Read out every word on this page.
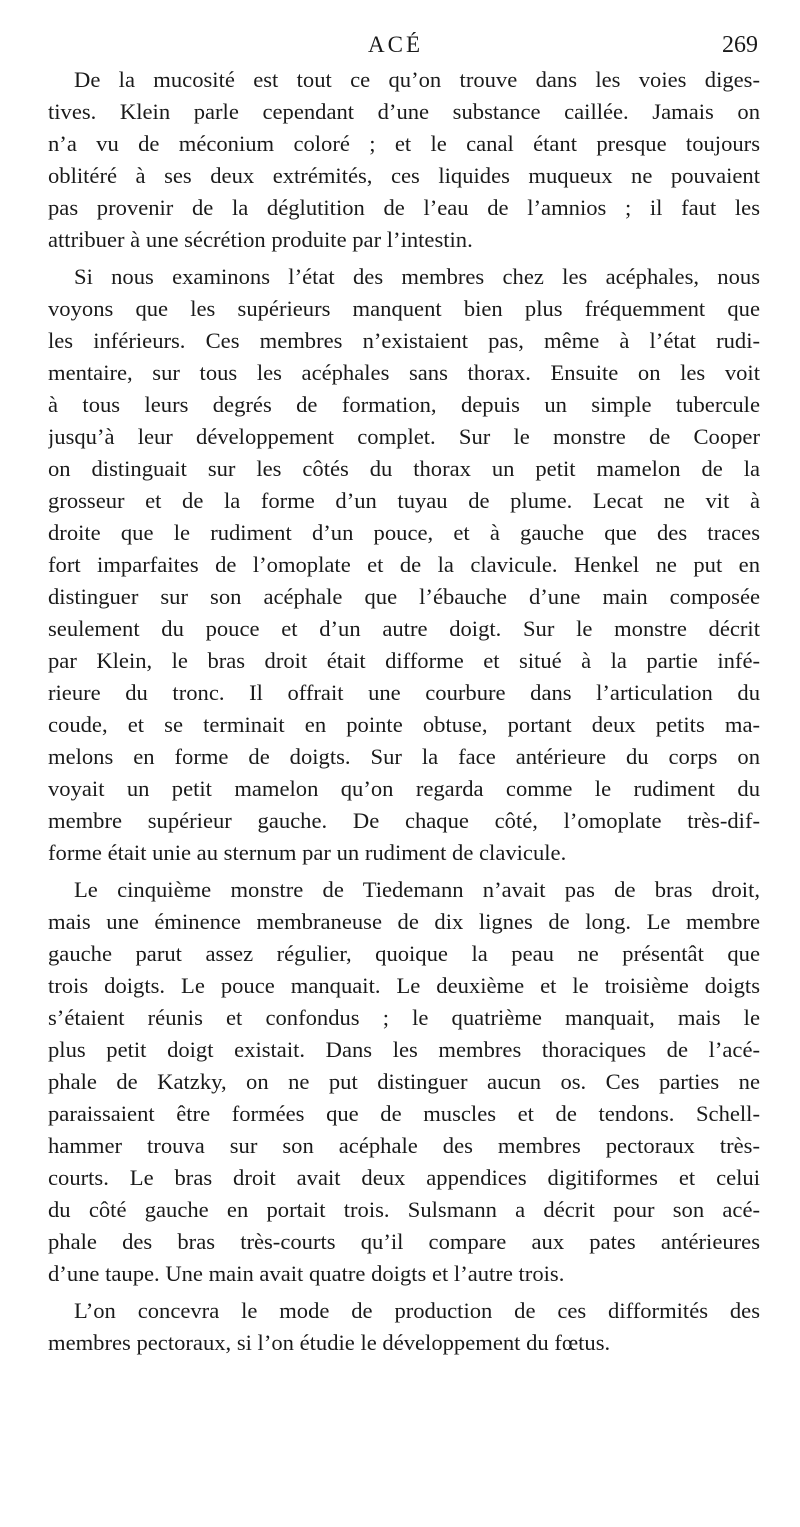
ACÉ	269
De la mucosité est tout ce qu’on trouve dans les voies diges-
tives. Klein parle cependant d’une substance caillée. Jamais on
n’a vu de méconium coloré ; et le canal étant presque toujours
oblitéré à ses deux extrémités, ces liquides muqueux ne pouvaient
pas provenir de la déglutition de l’eau de l’amnios ; il faut les
attribuer à une sécrétion produite par l’intestin.
Si nous examinons l’état des membres chez les acéphales, nous
voyons que les supérieurs manquent bien plus fréquemment que
les inférieurs. Ces membres n’existaient pas, même à l’état rudi-
mentaire, sur tous les acéphales sans thorax. Ensuite on les voit
à tous leurs degrés de formation, depuis un simple tubercule
jusqu’à leur développement complet. Sur le monstre de Cooper
on distinguait sur les côtés du thorax un petit mamelon de la
grosseur et de la forme d’un tuyau de plume. Lecat ne vit à
droite que le rudiment d’un pouce, et à gauche que des traces
fort imparfaites de l’omoplate et de la clavicule. Henkel ne put en
distinguer sur son acéphale que l’ébauche d’une main composée
seulement du pouce et d’un autre doigt. Sur le monstre décrit
par Klein, le bras droit était difforme et situé à la partie infé-
rieure du tronc. Il offrait une courbure dans l’articulation du
coude, et se terminait en pointe obtuse, portant deux petits ma-
melons en forme de doigts. Sur la face antérieure du corps on
voyait un petit mamelon qu’on regarda comme le rudiment du
membre supérieur gauche. De chaque côté, l’omoplate très-dif-
forme était unie au sternum par un rudiment de clavicule.
Le cinquième monstre de Tiedemann n’avait pas de bras droit,
mais une éminence membraneuse de dix lignes de long. Le membre
gauche parut assez régulier, quoique la peau ne présentât que
trois doigts. Le pouce manquait. Le deuxième et le troisième doigts
s’étaient réunis et confondus ; le quatrième manquait, mais le
plus petit doigt existait. Dans les membres thoraciques de l’acé-
phale de Katzky, on ne put distinguer aucun os. Ces parties ne
paraissaient être formées que de muscles et de tendons. Schell-
hammer trouva sur son acéphale des membres pectoraux très-
courts. Le bras droit avait deux appendices digitiformes et celui
du côté gauche en portait trois. Sulsmann a décrit pour son acé-
phale des bras très-courts qu’il compare aux pates antérieures
d’une taupe. Une main avait quatre doigts et l’autre trois.
L’on concevra le mode de production de ces difformités des
membres pectoraux, si l’on étudie le développement du fœtus.
